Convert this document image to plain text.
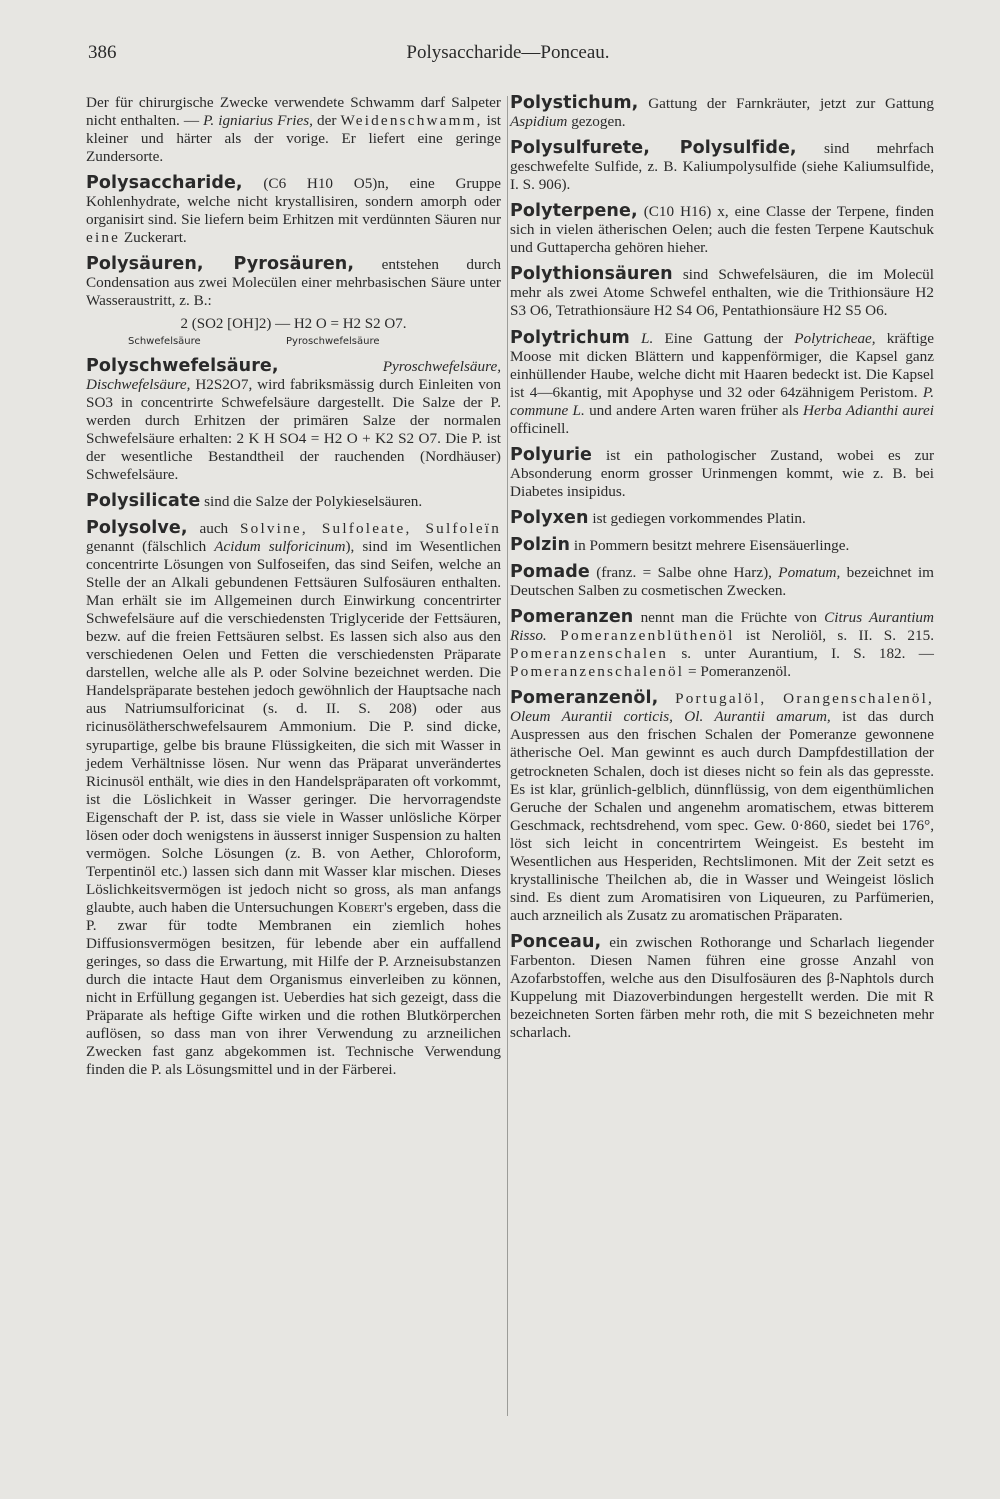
386	Polysaccharide—Ponceau.

Der für chirurgische Zwecke verwendete Schwamm darf Salpeter nicht enthalten. — P. igniarius Fries, der Weidenschwamm, ist kleiner und härter als der vorige. Er liefert eine geringe Zundersorte.

Polysaccharide, (C6 H10 O5)n, eine Gruppe Kohlenhydrate, welche nicht krystallisiren, sondern amorph oder organisirt sind. Sie liefern beim Erhitzen mit verdünnten Säuren nur eine Zuckerart.

Polysäuren, Pyrosäuren, entstehen durch Condensation aus zwei Molecülen einer mehrbasischen Säure unter Wasseraustritt, z. B.:

2 (SO2 [OH]2) — H2 O = H2 S2 O7.
Schwefelsäure	Pyroschwefelsäure

Polyschwefelsäure, Pyroschwefelsäure, Dischwefelsäure, H2S2O7, wird fabriksmässig durch Einleiten von SO3 in concentrirte Schwefelsäure dargestellt. Die Salze der P. werden durch Erhitzen der primären Salze der normalen Schwefelsäure erhalten: 2 K H SO4 = H2 O + K2 S2 O7. Die P. ist der wesentliche Bestandtheil der rauchenden (Nordhäuser) Schwefelsäure.

Polysilicate sind die Salze der Polykieselsäuren.

Polysolve, auch Solvine, Sulfoleate, Sulfoleïn genannt (fälschlich Acidum sulforicinum), sind im Wesentlichen concentrirte Lösungen von Sulfoseifen, das sind Seifen, welche an Stelle der an Alkali gebundenen Fettsäuren Sulfosäuren enthalten. Man erhält sie im Allgemeinen durch Einwirkung concentrirter Schwefelsäure auf die verschiedensten Triglyceride der Fettsäuren, bezw. auf die freien Fettsäuren selbst. Es lassen sich also aus den verschiedenen Oelen und Fetten die verschiedensten Präparate darstellen, welche alle als P. oder Solvine bezeichnet werden. Die Handelspräparate bestehen jedoch gewöhnlich der Hauptsache nach aus Natriumsulforicinat (s. d. II. S. 208) oder aus ricinusölätherschwefelsaurem Ammonium. Die P. sind dicke, syrupartige, gelbe bis braune Flüssigkeiten, die sich mit Wasser in jedem Verhältnisse lösen. Nur wenn das Präparat unverändertes Ricinusöl enthält, wie dies in den Handelspräparaten oft vorkommt, ist die Löslichkeit in Wasser geringer. Die hervorragendste Eigenschaft der P. ist, dass sie viele in Wasser unlösliche Körper lösen oder doch wenigstens in äusserst inniger Suspension zu halten vermögen. Solche Lösungen (z. B. von Aether, Chloroform, Terpentinöl etc.) lassen sich dann mit Wasser klar mischen. Dieses Löslichkeitsvermögen ist jedoch nicht so gross, als man anfangs glaubte, auch haben die Untersuchungen Kobert's ergeben, dass die P. zwar für todte Membranen ein ziemlich hohes Diffusionsvermögen besitzen, für lebende aber ein auffallend geringes, so dass die Erwartung, mit Hilfe der P. Arzneisubstanzen durch die intacte Haut dem Organismus einverleiben zu können, nicht in Erfüllung gegangen ist. Ueberdies hat sich gezeigt, dass die Präparate als heftige Gifte wirken und die rothen Blutkörperchen auflösen, so dass man von ihrer Verwendung zu arzneilichen Zwecken fast ganz abgekommen ist. Technische Verwendung finden die P. als Lösungsmittel und in der Färberei.

Polystichum, Gattung der Farnkräuter, jetzt zur Gattung Aspidium gezogen.

Polysulfurete, Polysulfide, sind mehrfach geschwefelte Sulfide, z. B. Kaliumpolysulfide (siehe Kaliumsulfide, I. S. 906).

Polyterpene, (C10 H16) x, eine Classe der Terpene, finden sich in vielen ätherischen Oelen; auch die festen Terpene Kautschuk und Guttapercha gehören hieher.

Polythionsäuren sind Schwefelsäuren, die im Molecül mehr als zwei Atome Schwefel enthalten, wie die Trithionsäure H2 S3 O6, Tetrathionsäure H2 S4 O6, Pentathionsäure H2 S5 O6.

Polytrichum L. Eine Gattung der Polytricheae, kräftige Moose mit dicken Blättern und kappenförmiger, die Kapsel ganz einhüllender Haube, welche dicht mit Haaren bedeckt ist. Die Kapsel ist 4—6kantig, mit Apophyse und 32 oder 64zähnigem Peristom. P. commune L. und andere Arten waren früher als Herba Adianthi aurei officinell.

Polyurie ist ein pathologischer Zustand, wobei es zur Absonderung enorm grosser Urinmengen kommt, wie z. B. bei Diabetes insipidus.

Polyxen ist gediegen vorkommendes Platin.

Polzin in Pommern besitzt mehrere Eisensäuerlinge.

Pomade (franz. = Salbe ohne Harz), Pomatum, bezeichnet im Deutschen Salben zu cosmetischen Zwecken.

Pomeranzen nennt man die Früchte von Citrus Aurantium Risso. Pomeranzenblüthenöl ist Neroliöl, s. II. S. 215. Pomeranzenschalen s. unter Aurantium, I. S. 182. — Pomeranzenschalenöl = Pomeranzenöl.

Pomeranzenöl, Portugalöl, Orangenschalenöl, Oleum Aurantii corticis, Ol. Aurantii amarum, ist das durch Auspressen aus den frischen Schalen der Pomeranze gewonnene ätherische Oel. Man gewinnt es auch durch Dampfdestillation der getrockneten Schalen, doch ist dieses nicht so fein als das gepresste. Es ist klar, grünlich-gelblich, dünnflüssig, von dem eigenthümlichen Geruche der Schalen und angenehm aromatischem, etwas bitterem Geschmack, rechtsdrehend, vom spec. Gew. 0·860, siedet bei 176°, löst sich leicht in concentrirtem Weingeist. Es besteht im Wesentlichen aus Hesperiden, Rechtslimonen. Mit der Zeit setzt es krystallinische Theilchen ab, die in Wasser und Weingeist löslich sind. Es dient zum Aromatisiren von Liqueuren, zu Parfümerien, auch arzneilich als Zusatz zu aromatischen Präparaten.

Ponceau, ein zwischen Rothorange und Scharlach liegender Farbenton. Diesen Namen führen eine grosse Anzahl von Azofarbstoffen, welche aus den Disulfosäuren des β-Naphtols durch Kuppelung mit Diazoverbindungen hergestellt werden. Die mit R bezeichneten Sorten färben mehr roth, die mit S bezeichneten mehr scharlach.
